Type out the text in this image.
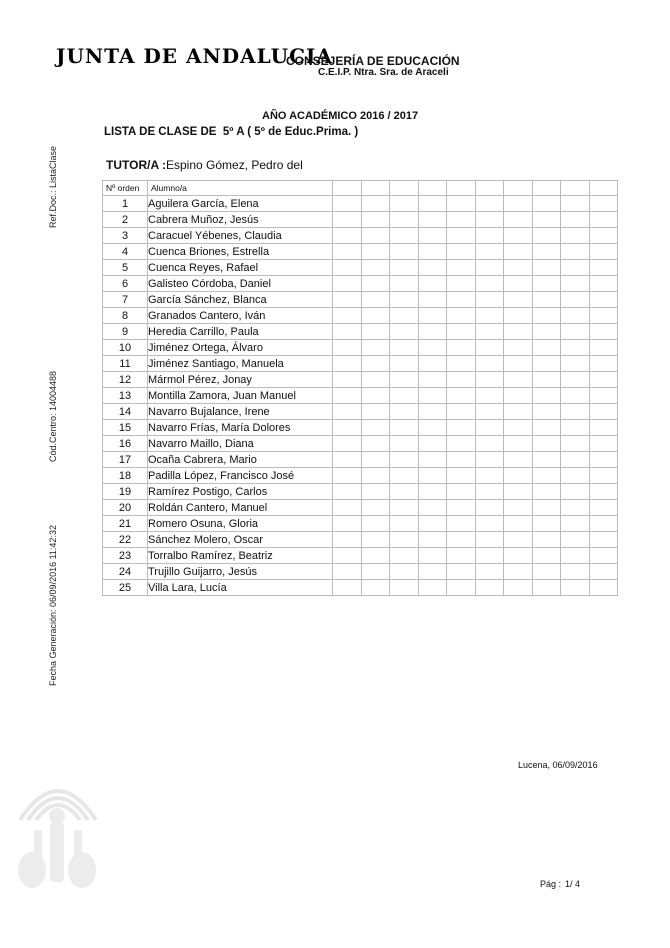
JUNTA DE ANDALUCIA
CONSEJERÍA DE EDUCACIÓN
C.E.I.P. Ntra. Sra. de Araceli
Ref.Doc.: ListaClase
Cód.Centro: 14004488
Fecha Generación: 06/09/2016 11:42:32
AÑO ACADÉMICO 2016 / 2017
LISTA DE CLASE DE  5º A ( 5º de Educ.Prima. )
TUTOR/A :Espino Gómez, Pedro del
Nº orden	Alumno/a										
1	Aguilera García, Elena										
2	Cabrera Muñoz, Jesús										
3	Caracuel Yébenes, Claudia										
4	Cuenca Briones, Estrella										
5	Cuenca Reyes, Rafael										
6	Galisteo Córdoba, Daniel										
7	García Sánchez, Blanca										
8	Granados Cantero, Iván										
9	Heredia Carrillo, Paula										
10	Jiménez Ortega, Álvaro										
11	Jiménez Santiago, Manuela										
12	Mármol Pérez, Jonay										
13	Montilla Zamora, Juan Manuel										
14	Navarro Bujalance, Irene										
15	Navarro Frías, María Dolores										
16	Navarro Maillo, Diana										
17	Ocaña Cabrera, Mario										
18	Padilla López, Francisco José										
19	Ramírez Postigo, Carlos										
20	Roldán Cantero, Manuel										
21	Romero Osuna, Gloria										
22	Sánchez Molero, Oscar										
23	Torralbo Ramírez, Beatriz										
24	Trujillo Guijarro, Jesús										
25	Villa Lara, Lucía										
Lucena, 06/09/2016
Pág : 1/ 4
